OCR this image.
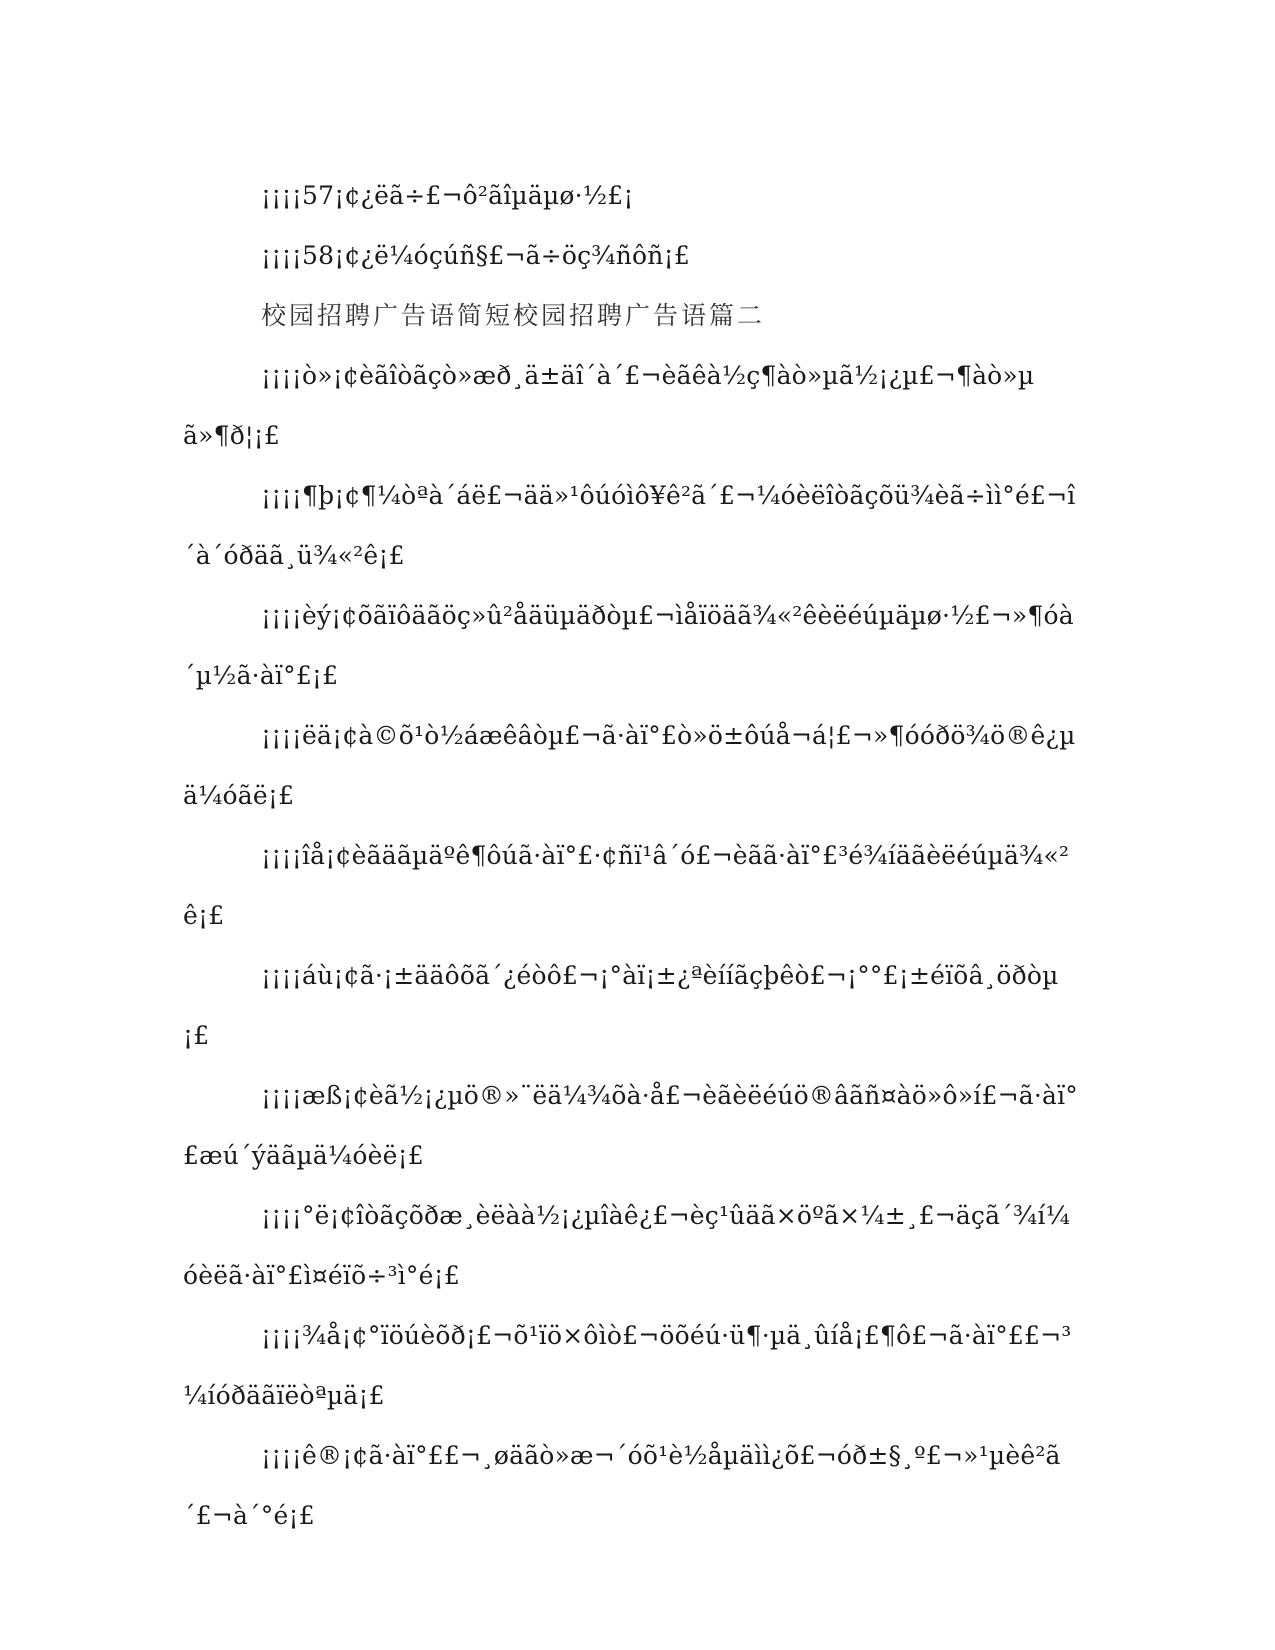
¡¡¡¡57¡¢¿ëã÷£¬ô²ãîµäµø·½£¡

¡¡¡¡58¡¢¿ë¼óçúñ§£¬ã÷öç¾ñôñ¡£

校园招聘广告语简短校园招聘广告语篇二

¡¡¡¡ò»¡¢èãîòãçò»æð¸ä±äî´à´£¬èãêà½ç¶àò»µã½¡¿µ£¬¶àò»µã»¶ð¦¡£

¡¡¡¡¶þ¡¢¶¼òªà´áë£¬ää»¹ôúóìô¥ê²ã´£¬¼óèëîòãçõü¾èã÷ìì°é£¬î´à´óðäã¸ü¾«²ê¡£

¡¡¡¡èý¡¢õãïôäãöç»û²åäüµäðòµ£¬ìåïöäã¾«²êèëéúµäµø·½£¬»¶óà´µ½ã·àï°£¡£

¡¡¡¡ëä¡¢à©õ¹ò½áæêâòµ£¬ã·àï°£ò»ö±ôúå¬á¦£¬»¶óóðö¾ö®ê¿µä¼óãë¡£

¡¡¡¡îå¡¢èãäãµäºê¶ôúã·àï°£·¢ñï¹â´ó£¬èãã·àï°£³é¾íäãèëéúµä¾«²ê¡£

¡¡¡¡áù¡¢ã·¡±ääôõã´¿éòô£¬¡°àï¡±¿ªèííãçþêò£¬¡°°£¡±éïõâ¸öðòµ¡£

¡¡¡¡æß¡¢èã½¡¿µö®»¨ëä¼¾õà·å£¬èãèëéúö®âãñ¤àö»ô»í£¬ã·àï°£æú´ýäãµä¼óèë¡£

¡¡¡¡°ë¡¢îòãçõðæ¸èëàà½¡¿µîàê¿£¬èç¹ûäã×öºã×¼±¸£¬äçã´¾í¼óèëã·àï°£ì¤éïõ÷³ì°é¡£

¡¡¡¡¾å¡¢°ïöúèõð¡£¬õ¹ïö×ôìò£¬öõéú·ü¶·µä¸ûíå¡£¶ô£¬ã·àï°££¬³¼íóðäãïëòªµä¡£

¡¡¡¡ê®¡¢ã·àï°££¬¸øäãò»æ¬´óõ¹è½åµäìì¿õ£¬óð±§¸º£¬»¹µèê²ã´£¬à´°é¡£
